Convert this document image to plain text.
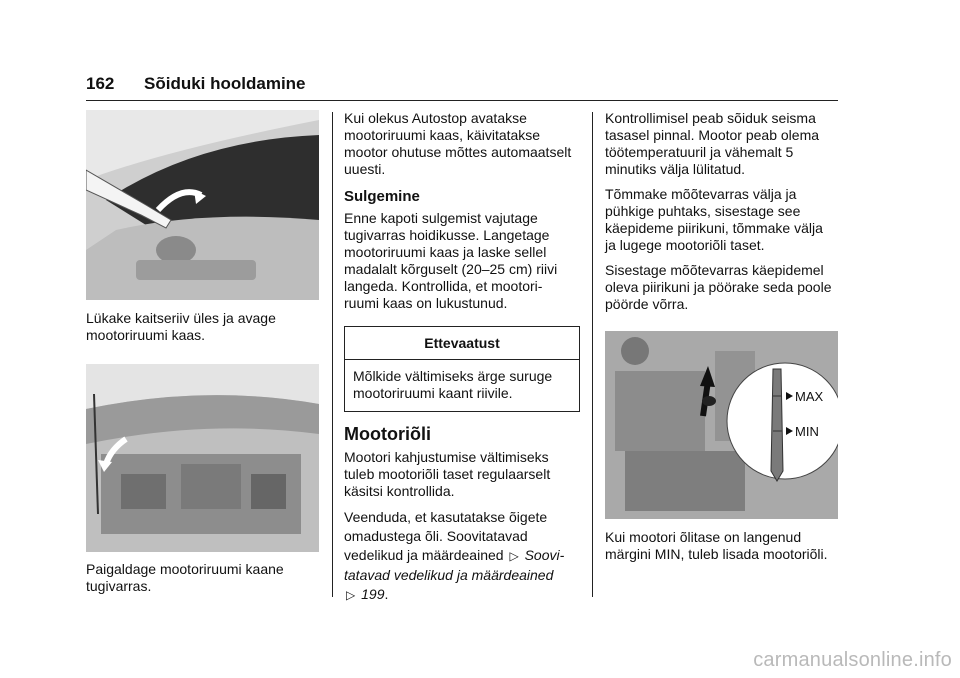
162 Sõiduki hooldamine

Lükake kaitseriiv üles ja avage
mootoriruumi kaas.

Paigaldage mootoriruumi kaane
tugivarras.

Kui olekus Autostop avatakse
mootoriruumi kaas, käivitatakse
mootor ohutuse mõttes automaatselt
uuesti.

Sulgemine

Enne kapoti sulgemist vajutage
tugivarras hoidikusse. Langetage
mootoriruumi kaas ja laske sellel
madalalt kõrguselt (20–25 cm) riivi
langeda. Kontrollida, et mootori-
ruumi kaas on lukustunud.

Ettevaatust
Mõlkide vältimiseks ärge suruge
mootoriruumi kaant riivile.
Mootoriõli

Mootori kahjustumise vältimiseks
tuleb mootoriõli taset regulaarselt
käsitsi kontrollida.

Veenduda, et kasutatakse õigete
omadustega õli. Soovitatavad
vedelikud ja määrdeained ▷ Soovi-
tatavad vedelikud ja määrdeained
▷ 199.

Kontrollimisel peab sõiduk seisma
tasasel pinnal. Mootor peab olema
töötemperatuuril ja vähemalt 5
minutiks välja lülitatud.

Tõmmake mõõtevarras välja ja
pühkige puhtaks, sisestage see
käepideme piirikuni, tõmmake välja
ja lugege mootoriõli taset.

Sisestage mõõtevarras käepidemel
oleva piirikuni ja pöörake seda poole
pöörde võrra.

MAX
MIN

Kui mootori õlitase on langenud
märgini MIN, tuleb lisada mootoriõli.

carmanualsonline.info
